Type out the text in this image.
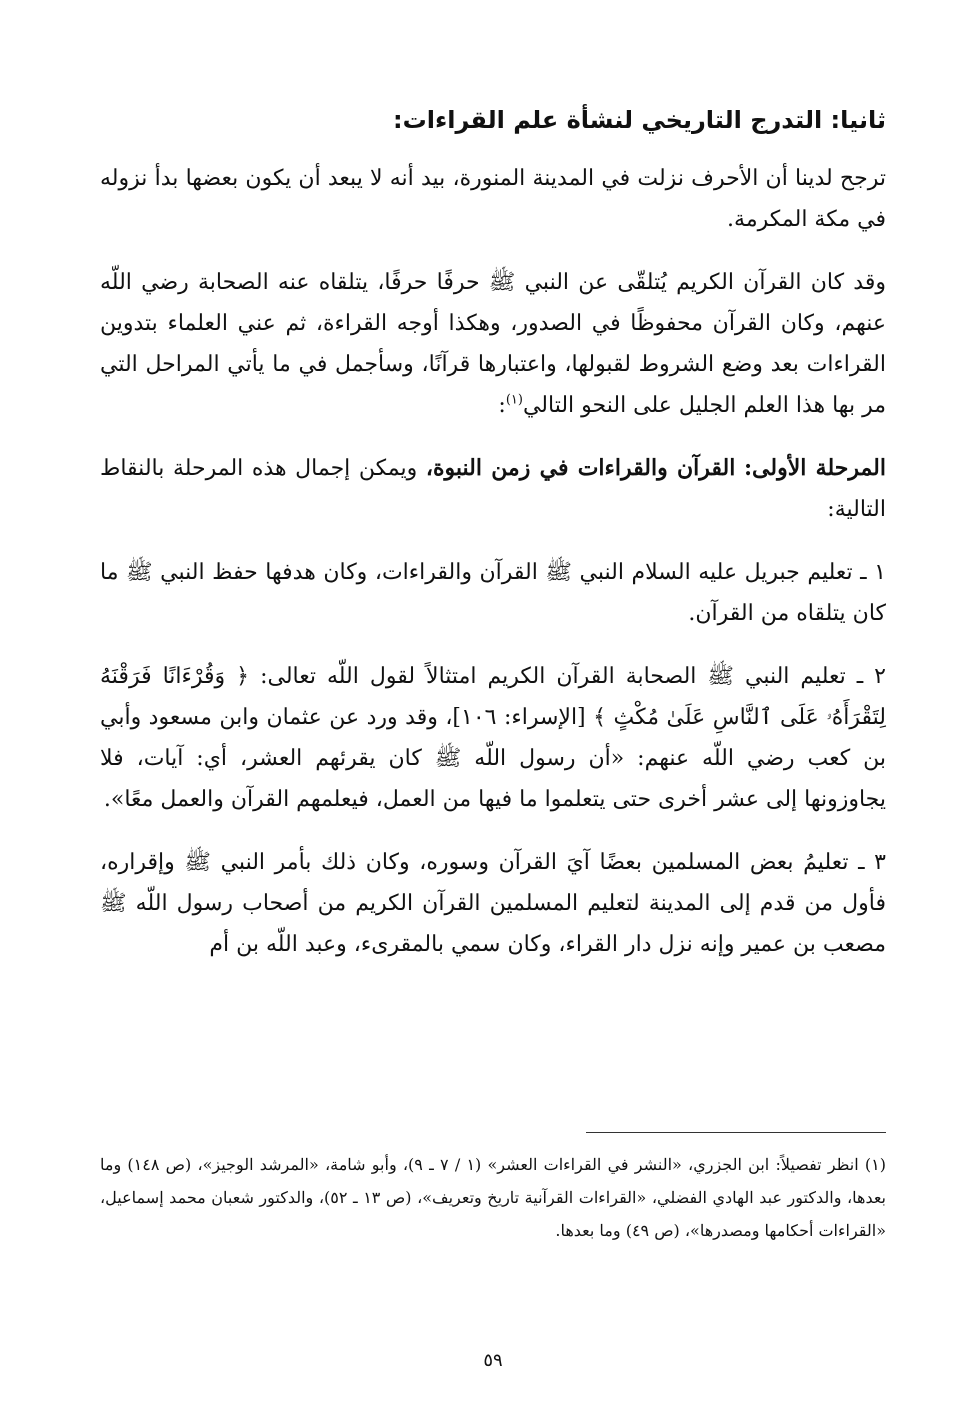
ثانيا: التدرج التاريخي لنشأة علم القراءات:

ترجح لدينا أن الأحرف نزلت في المدينة المنورة، بيد أنه لا يبعد أن يكون بعضها بدأ نزوله في مكة المكرمة.

وقد كان القرآن الكريم يُتلقّى عن النبي ﷺ حرفًا حرفًا، يتلقاه عنه الصحابة رضي اللّه عنهم، وكان القرآن محفوظًا في الصدور، وهكذا أوجه القراءة، ثم عني العلماء بتدوين القراءات بعد وضع الشروط لقبولها، واعتبارها قرآنًا، وسأجمل في ما يأتي المراحل التي مر بها هذا العلم الجليل على النحو التالي$^{(١)}$:

المرحلة الأولى: القرآن والقراءات في زمن النبوة، ويمكن إجمال هذه المرحلة بالنقاط التالية:

١ ـ تعليم جبريل عليه السلام النبي ﷺ القرآن والقراءات، وكان هدفها حفظ النبي ﷺ ما كان يتلقاه من القرآن.

٢ ـ تعليم النبي ﷺ الصحابة القرآن الكريم امتثالاً لقول اللّه تعالى: ﴿ وَقُرْءَانًا فَرَقْنَهُ لِتَقْرَأَهُۥ عَلَى ٱلنَّاسِ عَلَىٰ مُكْثٍ ﴾ [الإسراء: ١٠٦]، وقد ورد عن عثمان وابن مسعود وأبي بن كعب رضي اللّه عنهم: «أن رسول اللّه ﷺ كان يقرئهم العشر، أي: آيات، فلا يجاوزونها إلى عشر أخرى حتى يتعلموا ما فيها من العمل، فيعلمهم القرآن والعمل معًا».

٣ ـ تعليمُ بعض المسلمين بعضًا آيَ القرآن وسوره، وكان ذلك بأمر النبي ﷺ وإقراره، فأول من قدم إلى المدينة لتعليم المسلمين القرآن الكريم من أصحاب رسول اللّه ﷺ مصعب بن عمير وإنه نزل دار القراء، وكان سمي بالمقرىء، وعبد اللّه بن أم

(١) انظر تفصيلاً: ابن الجزري، «النشر في القراءات العشر» (١ / ٧ ـ ٩)، وأبو شامة، «المرشد الوجيز»، (ص ١٤٨) وما بعدها، والدكتور عبد الهادي الفضلي، «القراءات القرآنية تاريخ وتعريف»، (ص ١٣ ـ ٥٢)، والدكتور شعبان محمد إسماعيل، «القراءات أحكامها ومصدرها»، (ص ٤٩) وما بعدها.

٥٩
